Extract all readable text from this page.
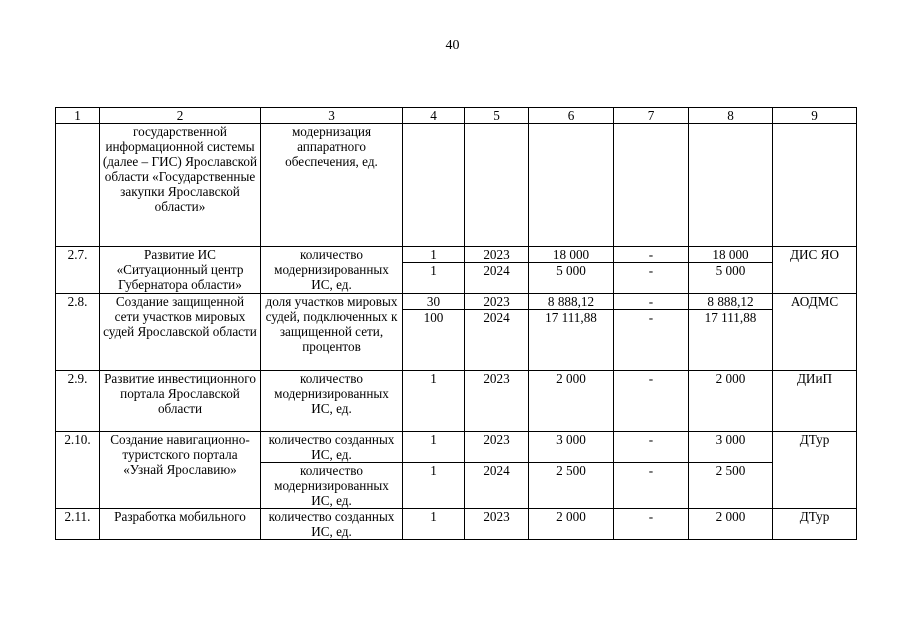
40
1	2	3	4	5	6	7	8	9
	государственной информационной системы (далее – ГИС) Ярославской области «Государственные закупки Ярославской области»	модернизация аппаратного обеспечения, ед.						
2.7.	Развитие ИС «Ситуационный центр Губернатора области»	количество модернизированных ИС, ед.	1	2023	18 000	-	18 000	ДИС ЯО
			1	2024	5 000	-	5 000	
2.8.	Создание защищенной сети участков мировых судей Ярославской области	доля участков мировых судей, подключенных к защищенной сети, процентов	30	2023	8 888,12	-	8 888,12	АОДМС
			100	2024	17 111,88	-	17 111,88	
2.9.	Развитие инвестиционного портала Ярославской области	количество модернизированных ИС, ед.	1	2023	2 000	-	2 000	ДИиП
2.10.	Создание навигационно-туристского портала «Узнай Ярославию»	количество созданных ИС, ед.	1	2023	3 000	-	3 000	ДТур
		количество модернизированных ИС, ед.	1	2024	2 500	-	2 500	
2.11.	Разработка мобильного	количество созданных ИС, ед.	1	2023	2 000	-	2 000	ДТур
